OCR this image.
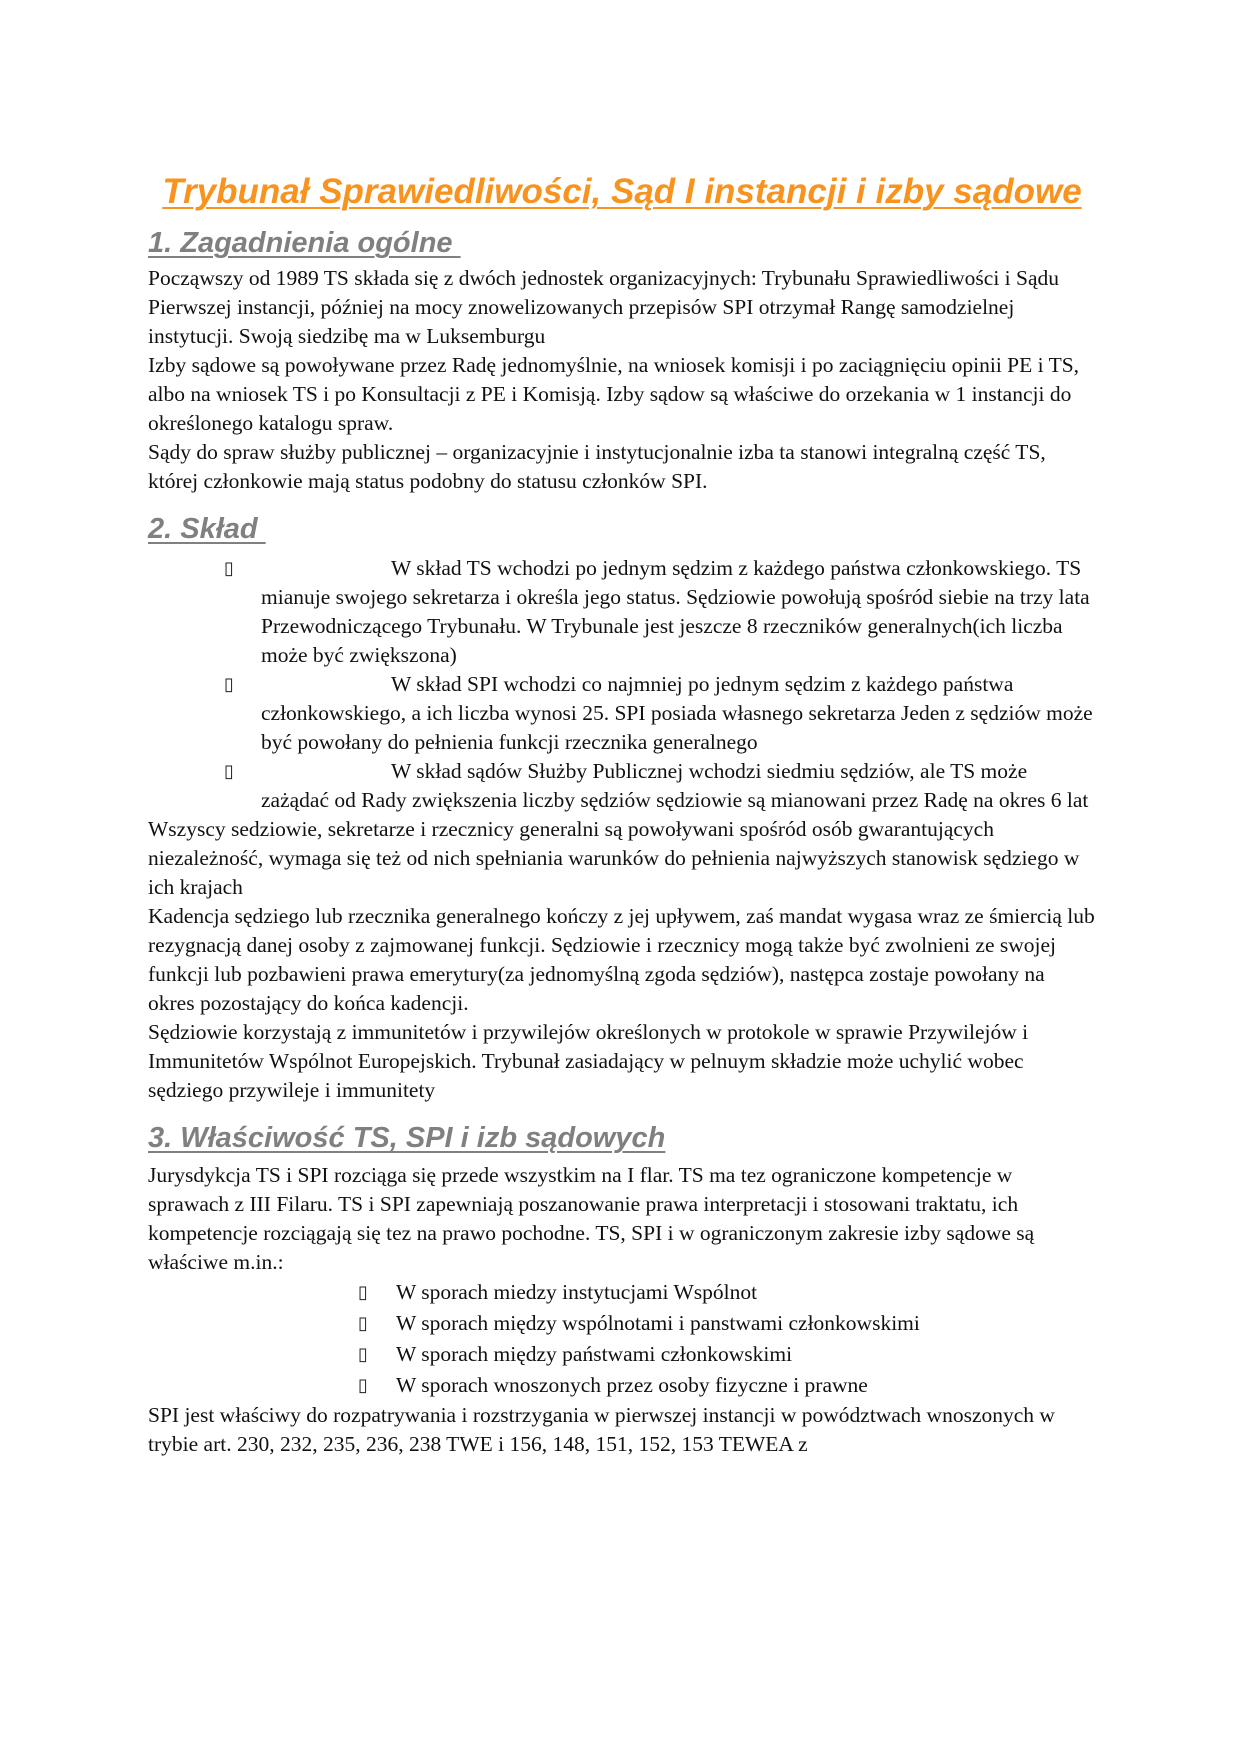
Trybunał Sprawiedliwości, Sąd I instancji i izby sądowe
1. Zagadnienia ogólne

Począwszy od 1989 TS składa się z dwóch jednostek organizacyjnych: Trybunału Sprawiedliwości i Sądu Pierwszej instancji, później na mocy znowelizowanych przepisów SPI otrzymał Rangę samodzielnej instytucji. Swoją siedzibę ma w Luksemburgu

Izby sądowe są powoływane przez Radę jednomyślnie, na wniosek komisji i po zaciągnięciu opinii PE i TS, albo na wniosek TS i po Konsultacji z PE i Komisją. Izby sądow są właściwe do orzekania w 1 instancji do określonego katalogu spraw.

Sądy do spraw służby publicznej – organizacyjnie i instytucjonalnie izba ta stanowi integralną część TS, której członkowie mają status podobny do statusu członków SPI.

2. Skład
▯	W skład TS wchodzi po jednym sędzim z każdego państwa członkowskiego. TS mianuje swojego sekretarza i określa jego status. Sędziowie powołują spośród siebie na trzy lata Przewodniczącego Trybunału. W Trybunale jest jeszcze 8 rzeczników generalnych(ich liczba może być zwiększona)
▯	W skład SPI wchodzi co najmniej po jednym sędzim z każdego państwa członkowskiego, a ich liczba wynosi 25. SPI posiada własnego sekretarza Jeden z sędziów może być powołany do pełnienia funkcji rzecznika generalnego
▯	W skład sądów Służby Publicznej wchodzi siedmiu sędziów, ale TS może zażądać od Rady zwiększenia liczby sędziów sędziowie są mianowani przez Radę na okres 6 lat

Wszyscy sedziowie, sekretarze i rzecznicy generalni są powoływani spośród osób gwarantujących niezależność, wymaga się też od nich spełniania warunków do pełnienia najwyższych stanowisk sędziego w ich krajach

Kadencja sędziego lub rzecznika generalnego kończy z jej upływem, zaś mandat wygasa wraz ze śmiercią lub rezygnacją danej osoby z zajmowanej funkcji. Sędziowie i rzecznicy mogą także być zwolnieni ze swojej funkcji lub pozbawieni prawa emerytury(za jednomyślną zgoda sędziów), następca zostaje powołany na okres pozostający do końca kadencji.

Sędziowie korzystają z immunitetów i przywilejów określonych w protokole w sprawie Przywilejów i Immunitetów Wspólnot Europejskich. Trybunał zasiadający w pelnuym składzie może uchylić wobec sędziego przywileje i immunitety

3. Właściwość TS, SPI i izb sądowych

Jurysdykcja TS i SPI rozciąga się przede wszystkim na I flar. TS ma tez ograniczone kompetencje w sprawach z III Filaru. TS i SPI zapewniają poszanowanie prawa interpretacji i stosowani traktatu, ich kompetencje rozciągają się tez na prawo pochodne. TS, SPI i w ograniczonym zakresie izby sądowe są właściwe m.in.:

▯ W sporach miedzy instytucjami Wspólnot
▯ W sporach między wspólnotami i panstwami członkowskimi
▯ W sporach między państwami członkowskimi
▯ W sporach wnoszonych przez osoby fizyczne i prawne

SPI jest właściwy do rozpatrywania i rozstrzygania w pierwszej instancji w powództwach wnoszonych w trybie art. 230, 232, 235, 236, 238 TWE i 156, 148, 151, 152, 153 TEWEA z
